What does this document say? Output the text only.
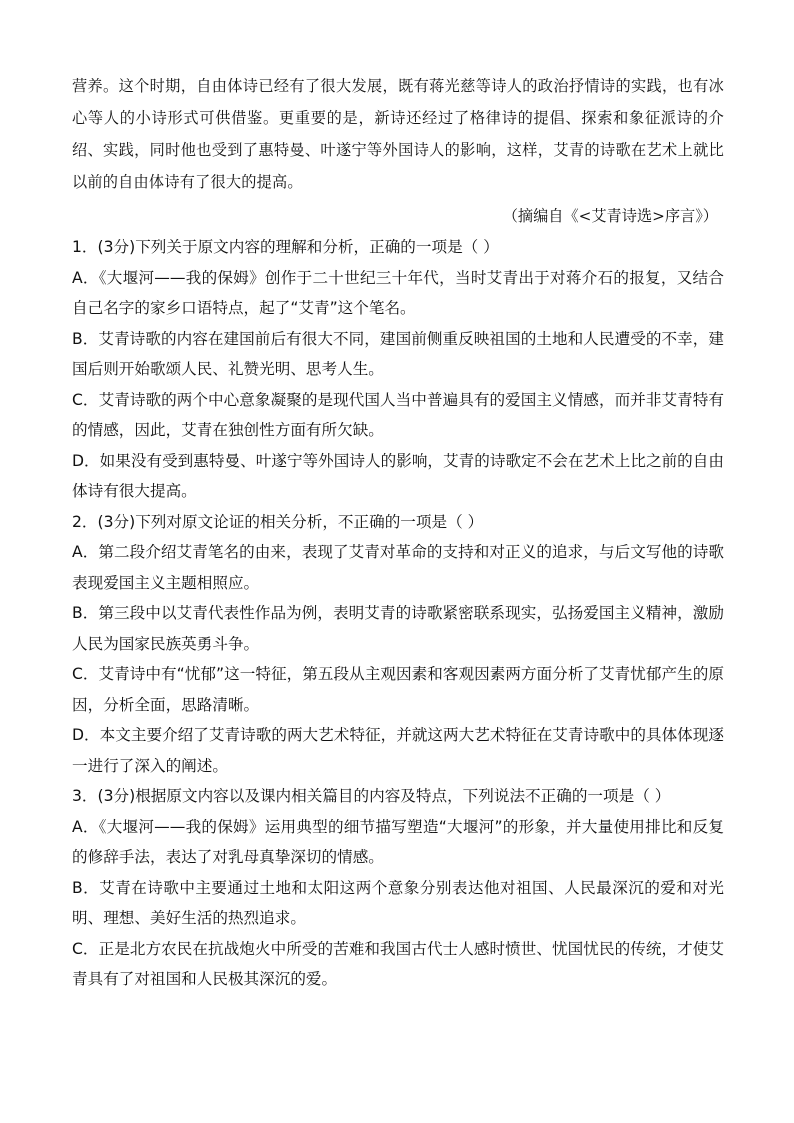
营养。这个时期，自由体诗已经有了很大发展，既有蒋光慈等诗人的政治抒情诗的实践，也有冰心等人的小诗形式可供借鉴。更重要的是，新诗还经过了格律诗的提倡、探索和象征派诗的介绍、实践，同时他也受到了惠特曼、叶遂宁等外国诗人的影响，这样，艾青的诗歌在艺术上就比以前的自由体诗有了很大的提高。
（摘编自《<艾青诗选>序言》）

1．(3分)下列关于原文内容的理解和分析，正确的一项是（ ）

A．《大堰河——我的保姆》创作于二十世纪三十年代，当时艾青出于对蒋介石的报复，又结合自己名字的家乡口语特点，起了“艾青”这个笔名。

B．艾青诗歌的内容在建国前后有很大不同，建国前侧重反映祖国的土地和人民遭受的不幸，建国后则开始歌颂人民、礼赞光明、思考人生。

C．艾青诗歌的两个中心意象凝聚的是现代国人当中普遍具有的爱国主义情感，而并非艾青特有的情感，因此，艾青在独创性方面有所欠缺。

D．如果没有受到惠特曼、叶遂宁等外国诗人的影响，艾青的诗歌定不会在艺术上比之前的自由体诗有很大提高。

2．(3分)下列对原文论证的相关分析，不正确的一项是（ ）

A．第二段介绍艾青笔名的由来，表现了艾青对革命的支持和对正义的追求，与后文写他的诗歌表现爱国主义主题相照应。

B．第三段中以艾青代表性作品为例，表明艾青的诗歌紧密联系现实，弘扬爱国主义精神，激励人民为国家民族英勇斗争。

C．艾青诗中有“忧郁”这一特征，第五段从主观因素和客观因素两方面分析了艾青忧郁产生的原因，分析全面，思路清晰。

D．本文主要介绍了艾青诗歌的两大艺术特征，并就这两大艺术特征在艾青诗歌中的具体体现逐一进行了深入的阐述。

3．(3分)根据原文内容以及课内相关篇目的内容及特点，下列说法不正确的一项是（ ）

A．《大堰河——我的保姆》运用典型的细节描写塑造“大堰河”的形象，并大量使用排比和反复的修辞手法，表达了对乳母真挚深切的情感。

B．艾青在诗歌中主要通过土地和太阳这两个意象分别表达他对祖国、人民最深沉的爱和对光明、理想、美好生活的热烈追求。

C．正是北方农民在抗战炮火中所受的苦难和我国古代士人感时愤世、忧国忧民的传统，才使艾青具有了对祖国和人民极其深沉的爱。
